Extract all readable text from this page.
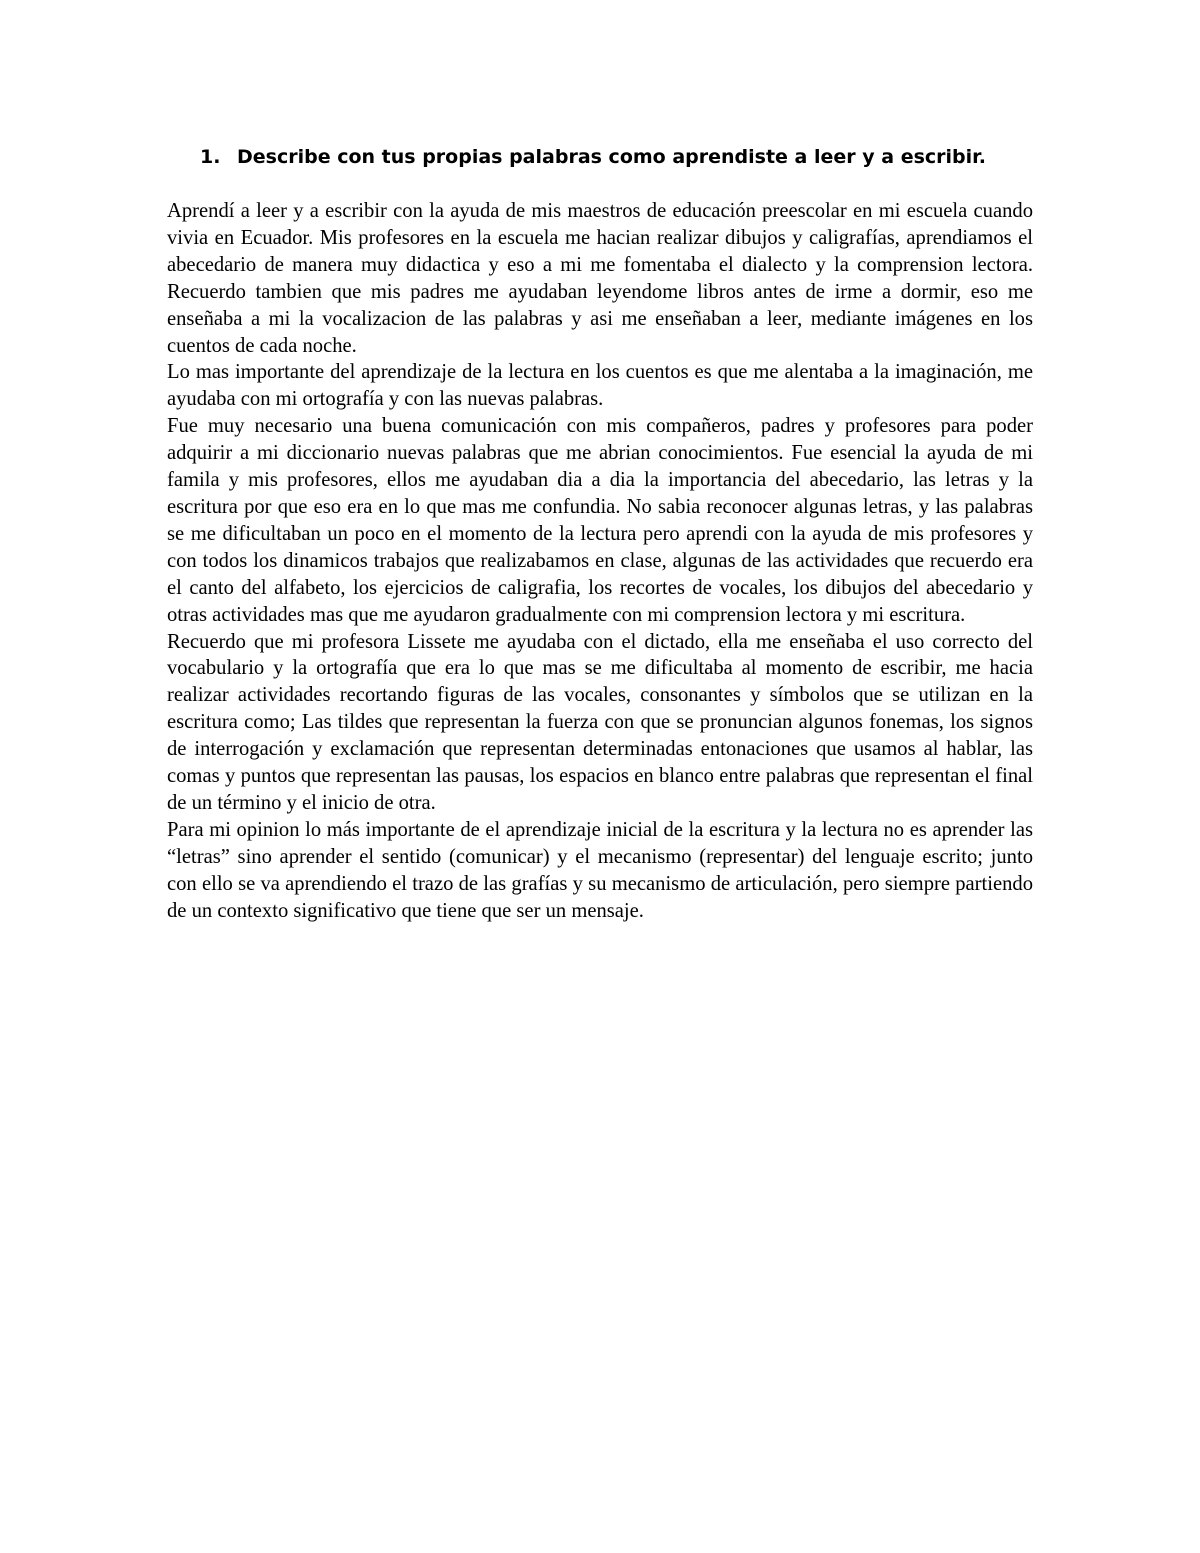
1. Describe con tus propias palabras como aprendiste a leer y a escribir.

Aprendí a leer y a escribir con la ayuda de mis maestros de educación preescolar en mi escuela cuando vivia en Ecuador. Mis profesores en la escuela me hacian realizar dibujos y caligrafías, aprendiamos el abecedario de manera muy didactica y eso a mi me fomentaba el dialecto y la comprension lectora. Recuerdo tambien que mis padres me ayudaban leyendome libros antes de irme a dormir, eso me enseñaba a mi la vocalizacion de las palabras y asi me enseñaban a leer, mediante imágenes en los cuentos de cada noche.

Lo mas importante del aprendizaje de la lectura en los cuentos es que me alentaba a la imaginación, me ayudaba con mi ortografía y con las nuevas palabras.

Fue muy necesario una buena comunicación con mis compañeros, padres y profesores para poder adquirir a mi diccionario nuevas palabras que me abrian conocimientos. Fue esencial la ayuda de mi famila y mis profesores, ellos me ayudaban dia a dia la importancia del abecedario, las letras y la escritura por que eso era en lo que mas me confundia. No sabia reconocer algunas letras, y las palabras se me dificultaban un poco en el momento de la lectura pero aprendi con la ayuda de mis profesores y con todos los dinamicos trabajos que realizabamos en clase, algunas de las actividades que recuerdo era el canto del alfabeto, los ejercicios de caligrafia, los recortes de vocales, los dibujos del abecedario y otras actividades mas que me ayudaron gradualmente con mi comprension lectora y mi escritura.

Recuerdo que mi profesora Lissete me ayudaba con el dictado, ella me enseñaba el uso correcto del vocabulario y la ortografía que era lo que mas se me dificultaba al momento de escribir, me hacia realizar actividades recortando figuras de las vocales, consonantes y símbolos que se utilizan en la escritura como; Las tildes que representan la fuerza con que se pronuncian algunos fonemas, los signos de interrogación y exclamación que representan determinadas entonaciones que usamos al hablar, las comas y puntos que representan las pausas, los espacios en blanco entre palabras que representan el final de un término y el inicio de otra.

Para mi opinion lo más importante de el aprendizaje inicial de la escritura y la lectura no es aprender las “letras” sino aprender el sentido (comunicar) y el mecanismo (representar) del lenguaje escrito; junto con ello se va aprendiendo el trazo de las grafías y su mecanismo de articulación, pero siempre partiendo de un contexto significativo que tiene que ser un mensaje.
